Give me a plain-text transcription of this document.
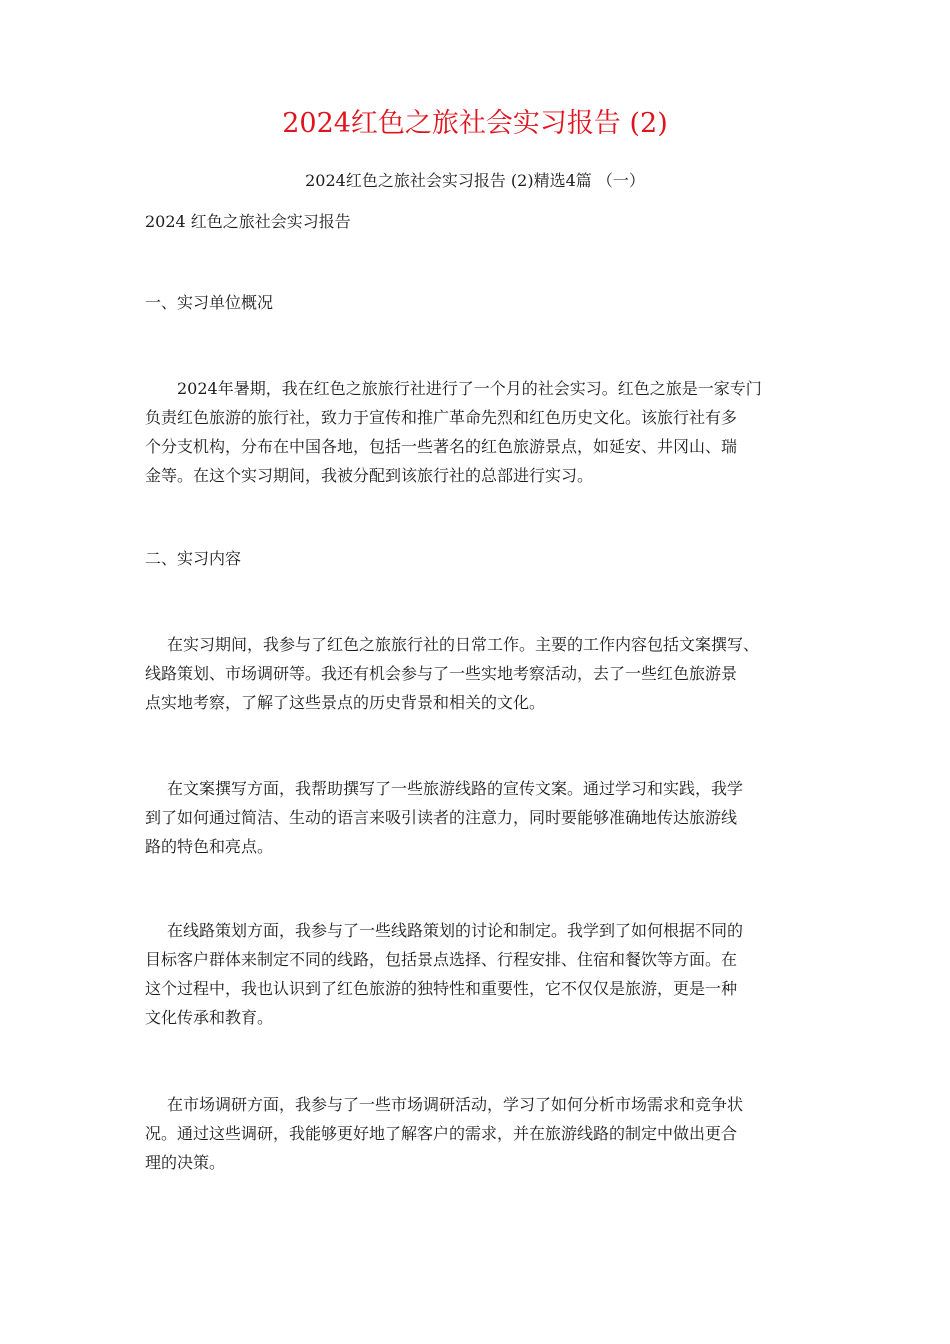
2024红色之旅社会实习报告 (2)

2024红色之旅社会实习报告 (2)精选4篇 （一）

2024 红色之旅社会实习报告

一、实习单位概况

2024年暑期，我在红色之旅旅行社进行了一个月的社会实习。红色之旅是一家专门
负责红色旅游的旅行社，致力于宣传和推广革命先烈和红色历史文化。该旅行社有多
个分支机构，分布在中国各地，包括一些著名的红色旅游景点，如延安、井冈山、瑞
金等。在这个实习期间，我被分配到该旅行社的总部进行实习。

二、实习内容

在实习期间，我参与了红色之旅旅行社的日常工作。主要的工作内容包括文案撰写、
线路策划、市场调研等。我还有机会参与了一些实地考察活动，去了一些红色旅游景
点实地考察，了解了这些景点的历史背景和相关的文化。
在文案撰写方面，我帮助撰写了一些旅游线路的宣传文案。通过学习和实践，我学
到了如何通过简洁、生动的语言来吸引读者的注意力，同时要能够准确地传达旅游线
路的特色和亮点。
在线路策划方面，我参与了一些线路策划的讨论和制定。我学到了如何根据不同的
目标客户群体来制定不同的线路，包括景点选择、行程安排、住宿和餐饮等方面。在
这个过程中，我也认识到了红色旅游的独特性和重要性，它不仅仅是旅游，更是一种
文化传承和教育。
在市场调研方面，我参与了一些市场调研活动，学习了如何分析市场需求和竞争状
况。通过这些调研，我能够更好地了解客户的需求，并在旅游线路的制定中做出更合
理的决策。
